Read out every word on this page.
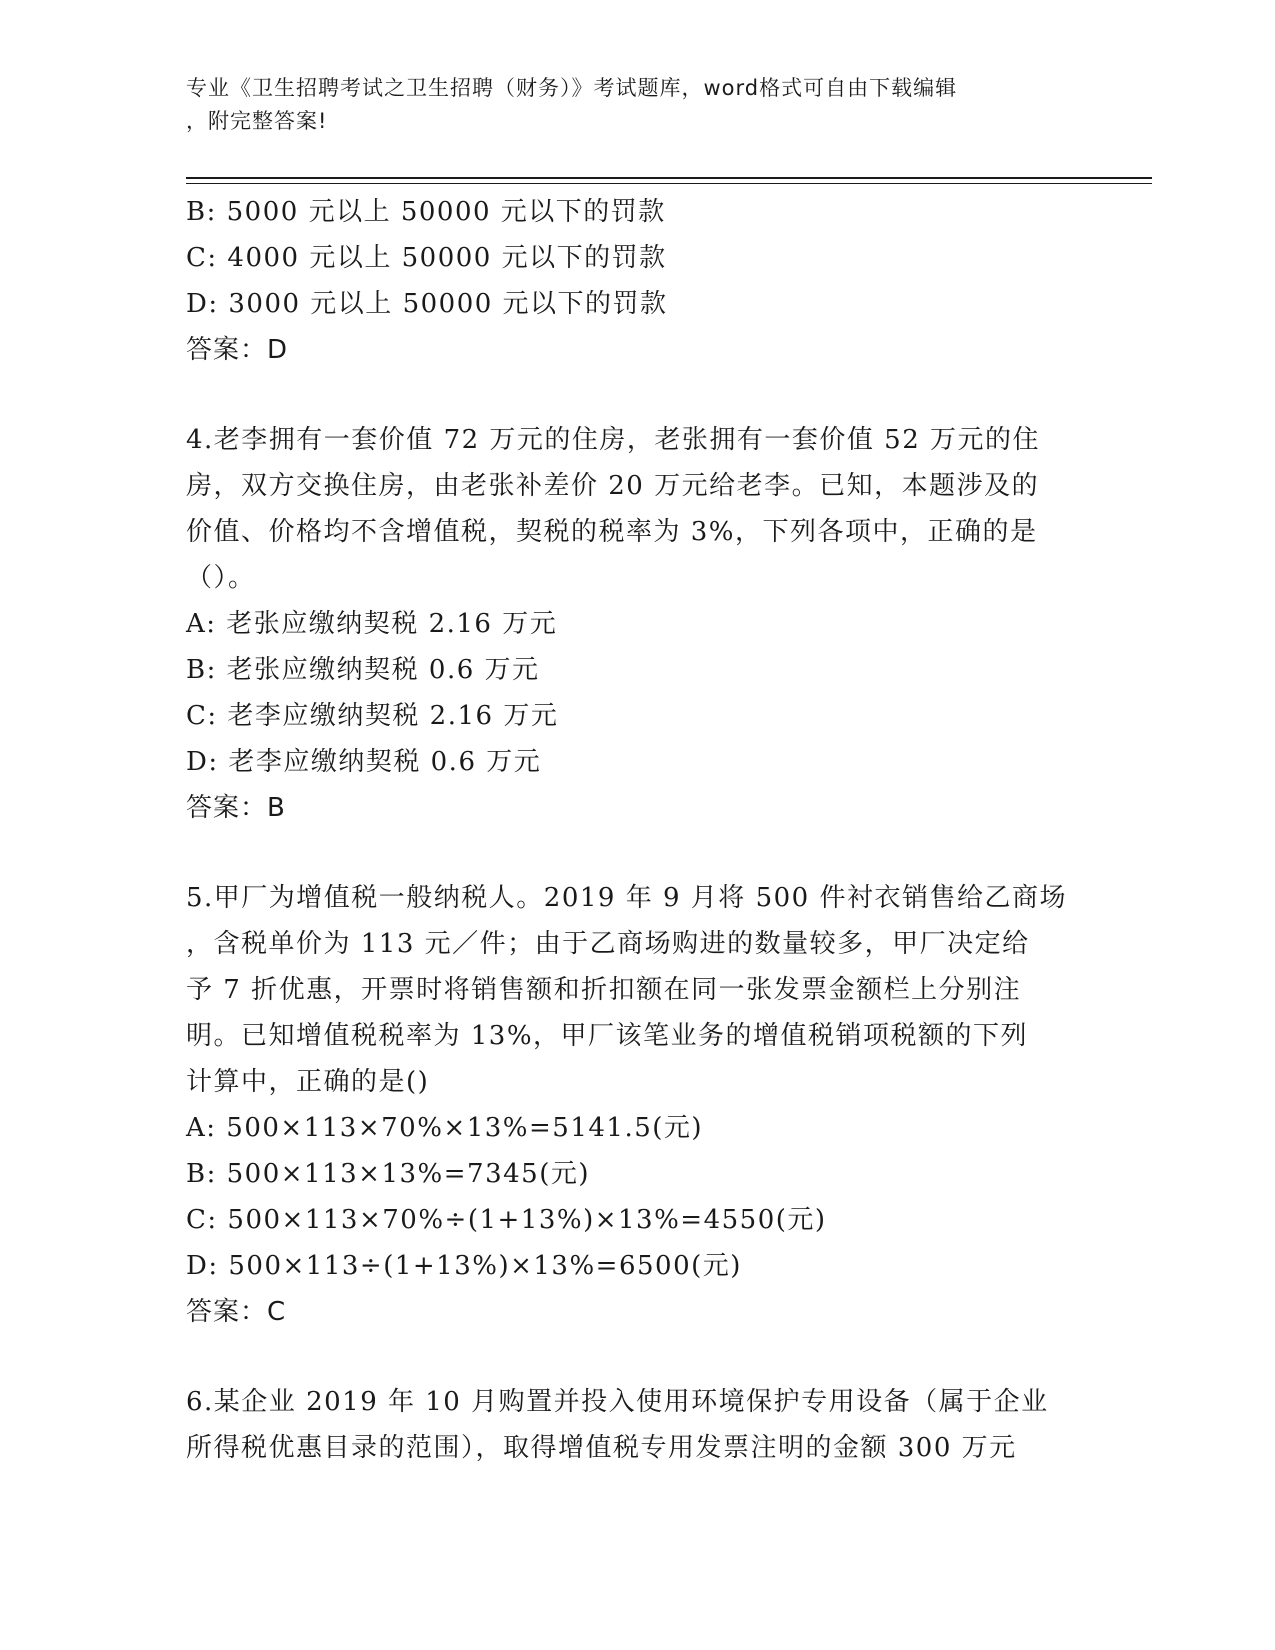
专业《卫生招聘考试之卫生招聘（财务）》考试题库，word格式可自由下载编辑
，附完整答案!
B: 5000 元以上 50000 元以下的罚款
C: 4000 元以上 50000 元以下的罚款
D: 3000 元以上 50000 元以下的罚款
答案：D
4.老李拥有一套价值 72 万元的住房，老张拥有一套价值 52 万元的住
房，双方交换住房，由老张补差价 20 万元给老李。已知，本题涉及的
价值、价格均不含增值税，契税的税率为 3%，下列各项中，正确的是
（）。
A: 老张应缴纳契税 2.16 万元
B: 老张应缴纳契税 0.6 万元
C: 老李应缴纳契税 2.16 万元
D: 老李应缴纳契税 0.6 万元
答案：B
5.甲厂为增值税一般纳税人。2019 年 9 月将 500 件衬衣销售给乙商场
，含税单价为 113 元／件；由于乙商场购进的数量较多，甲厂决定给
予 7 折优惠，开票时将销售额和折扣额在同一张发票金额栏上分别注
明。已知增值税税率为 13%，甲厂该笔业务的增值税销项税额的下列
计算中，正确的是()
A: 500×113×70%×13%=5141.5(元)
B: 500×113×13%=7345(元)
C: 500×113×70%÷(1+13%)×13%=4550(元)
D: 500×113÷(1+13%)×13%=6500(元)
答案：C
6.某企业 2019 年 10 月购置并投入使用环境保护专用设备（属于企业
所得税优惠目录的范围），取得增值税专用发票注明的金额 300 万元
